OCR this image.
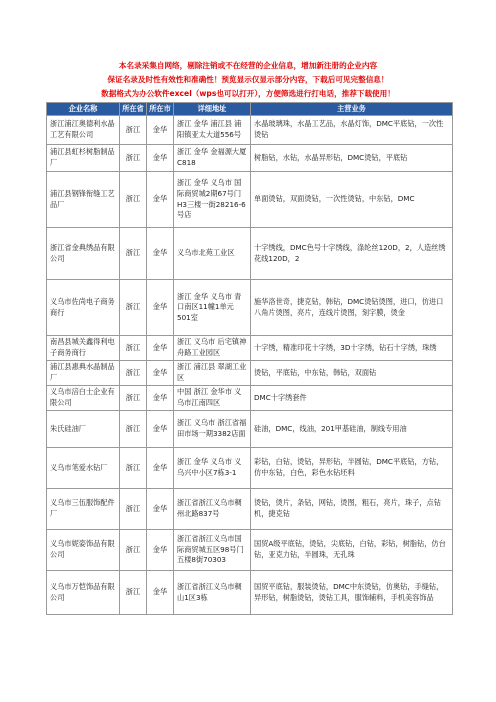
本名录采集自网络，剔除注销或不在经营的企业信息，增加新注册的企业内容
保证名录及时性有效性和准确性！预览显示仅显示部分内容，下载后可见完整信息！
数据格式为办公软件excel（wps也可以打开），方便筛选进行打电话，推荐下载使用！
企业名称	所在省	所在市	详细地址	主营业务
浙江浦江奥德利水晶工艺有限公司	浙江	金华	浙江 金华 浦江县 浦阳镇亚太大道556号	水晶玻璃珠，水晶工艺品，水晶灯饰，DMC平底钻，一次性烫钻
浦江县虹杉树脂制品厂	浙江	金华	浙江 金华 金福源大厦C818	树脂钻，水钻，水晶异形钻，DMC烫钻，平底钻
浦江县钢锋衔缝工艺品厂	浙江	金华	浙江 金华 义乌市 国际商贸城2期67号门H3三楼一街28216-6号店	单面烫钻，双面烫钻，一次性烫钻，中东钻，DMC
浙江省金典绣品有限公司	浙江	金华	义乌市北苑工业区	十字绣线，DMC色号十字绣线，涤纶丝120D，2，人造丝绣花线120D，2
义乌市佐尚电子商务商行	浙江	金华	浙江 金华 义乌市 青口南区11幢1单元501室	施华洛世奇，捷克钻，韩钻，DMC烫钻烫图，进口，仿进口八角片烫图，亮片，连线片烫图，刻字膜，烫金
南昌县城关鑫得利电子商务商行	浙江	金华	浙江 义乌市 后宅镇神舟路工业园区	十字绣，精准印花十字绣，3D十字绣，钻石十字绣，珠绣
浦江县惠典水晶制品厂	浙江	金华	浙江 浦江县 翠湖工业区	烫钻，平底钻，中东钻，韩钻，双面钻
义乌市涪白士企业有限公司	浙江	金华	中国 浙江 金华市 义乌市江南四区	DMC十字绣套件
朱氏硅油厂	浙江	金华	浙江 义乌市 浙江省福田市场一期3382店面	硅油，DMC，线油，201甲基硅油，制线专用油
义乌市笔爱水钻厂	浙江	金华	浙江 金华 义乌市 义乌兴中小区7栋3-1	彩钻，白钻，烫钻，异形钻，半圆钻，DMC平底钻，方钻，仿中东钻，白色，彩色水钻坯料
义乌市三伍服饰配件厂	浙江	金华	浙江省浙江义乌市稠州北路837号	烫钻，烫片，条钻，网钻，烫图，粗石，亮片，珠子，点钻机，捷克钻
义乌市妮姿饰品有限公司	浙江	金华	浙江省浙江义乌市国际商贸城五区98号门五楼8街70303	国贸A级平底钻，烫钻，尖底钻，白钻，彩钻，树脂钻，仿台钻，亚克力钻，半圆珠，无孔珠
义乌市万恺饰品有限公司	浙江	金华	浙江省浙江义乌市稠山1区3栋	国贸平底钻，服装烫钻，DMC中东烫钻，仿奥钻，手缝钻，异形钻，树脂烫钻，烫钻工具，服饰辅料，手机美容饰品
